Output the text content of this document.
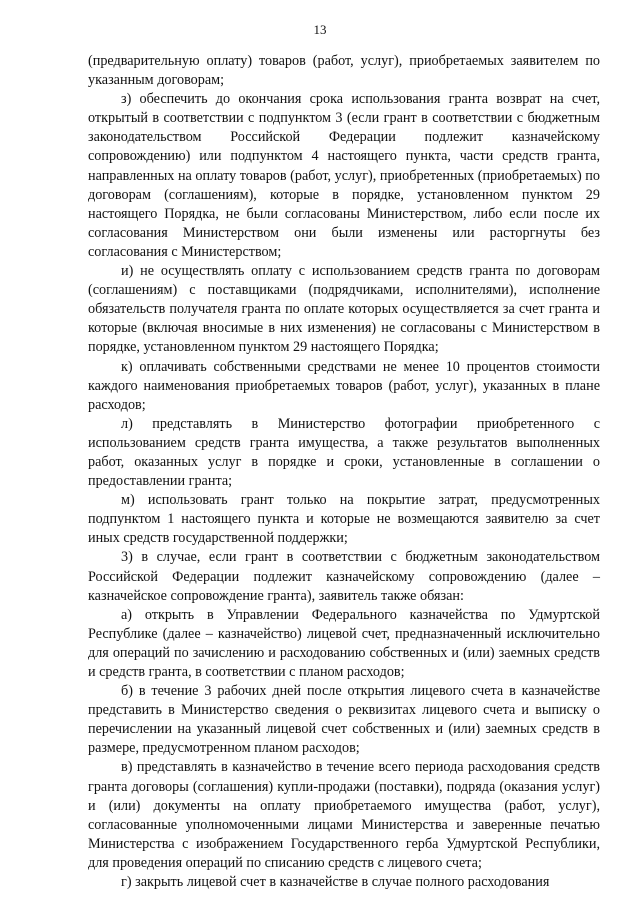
13

(предварительную оплату) товаров (работ, услуг), приобретаемых заявителем по указанным договорам;

з) обеспечить до окончания срока использования гранта возврат на счет, открытый в соответствии с подпунктом 3 (если грант в соответствии с бюджетным законодательством Российской Федерации подлежит казначейскому сопровождению) или подпунктом 4 настоящего пункта, части средств гранта, направленных на оплату товаров (работ, услуг), приобретенных (приобретаемых) по договорам (соглашениям), которые в порядке, установленном пунктом 29 настоящего Порядка, не были согласованы Министерством, либо если после их согласования Министерством они были изменены или расторгнуты без согласования с Министерством;

и) не осуществлять оплату с использованием средств гранта по договорам (соглашениям) с поставщиками (подрядчиками, исполнителями), исполнение обязательств получателя гранта по оплате которых осуществляется за счет гранта и которые (включая вносимые в них изменения) не согласованы с Министерством в порядке, установленном пунктом 29 настоящего Порядка;

к) оплачивать собственными средствами не менее 10 процентов стоимости каждого наименования приобретаемых товаров (работ, услуг), указанных в плане расходов;

л) представлять в Министерство фотографии приобретенного с использованием средств гранта имущества, а также результатов выполненных работ, оказанных услуг в порядке и сроки, установленные в соглашении о предоставлении гранта;

м) использовать грант только на покрытие затрат, предусмотренных подпунктом 1 настоящего пункта и которые не возмещаются заявителю за счет иных средств государственной поддержки;

3) в случае, если грант в соответствии с бюджетным законодательством Российской Федерации подлежит казначейскому сопровождению (далее – казначейское сопровождение гранта), заявитель также обязан:

а) открыть в Управлении Федерального казначейства по Удмуртской Республике (далее – казначейство) лицевой счет, предназначенный исключительно для операций по зачислению и расходованию собственных и (или) заемных средств и средств гранта, в соответствии с планом расходов;

б) в течение 3 рабочих дней после открытия лицевого счета в казначействе представить в Министерство сведения о реквизитах лицевого счета и выписку о перечислении на указанный лицевой счет собственных и (или) заемных средств в размере, предусмотренном планом расходов;

в) представлять в казначейство в течение всего периода расходования средств гранта договоры (соглашения) купли-продажи (поставки), подряда (оказания услуг) и (или) документы на оплату приобретаемого имущества (работ, услуг), согласованные уполномоченными лицами Министерства и заверенные печатью Министерства с изображением Государственного герба Удмуртской Республики, для проведения операций по списанию средств с лицевого счета;

г) закрыть лицевой счет в казначействе в случае полного расходования
